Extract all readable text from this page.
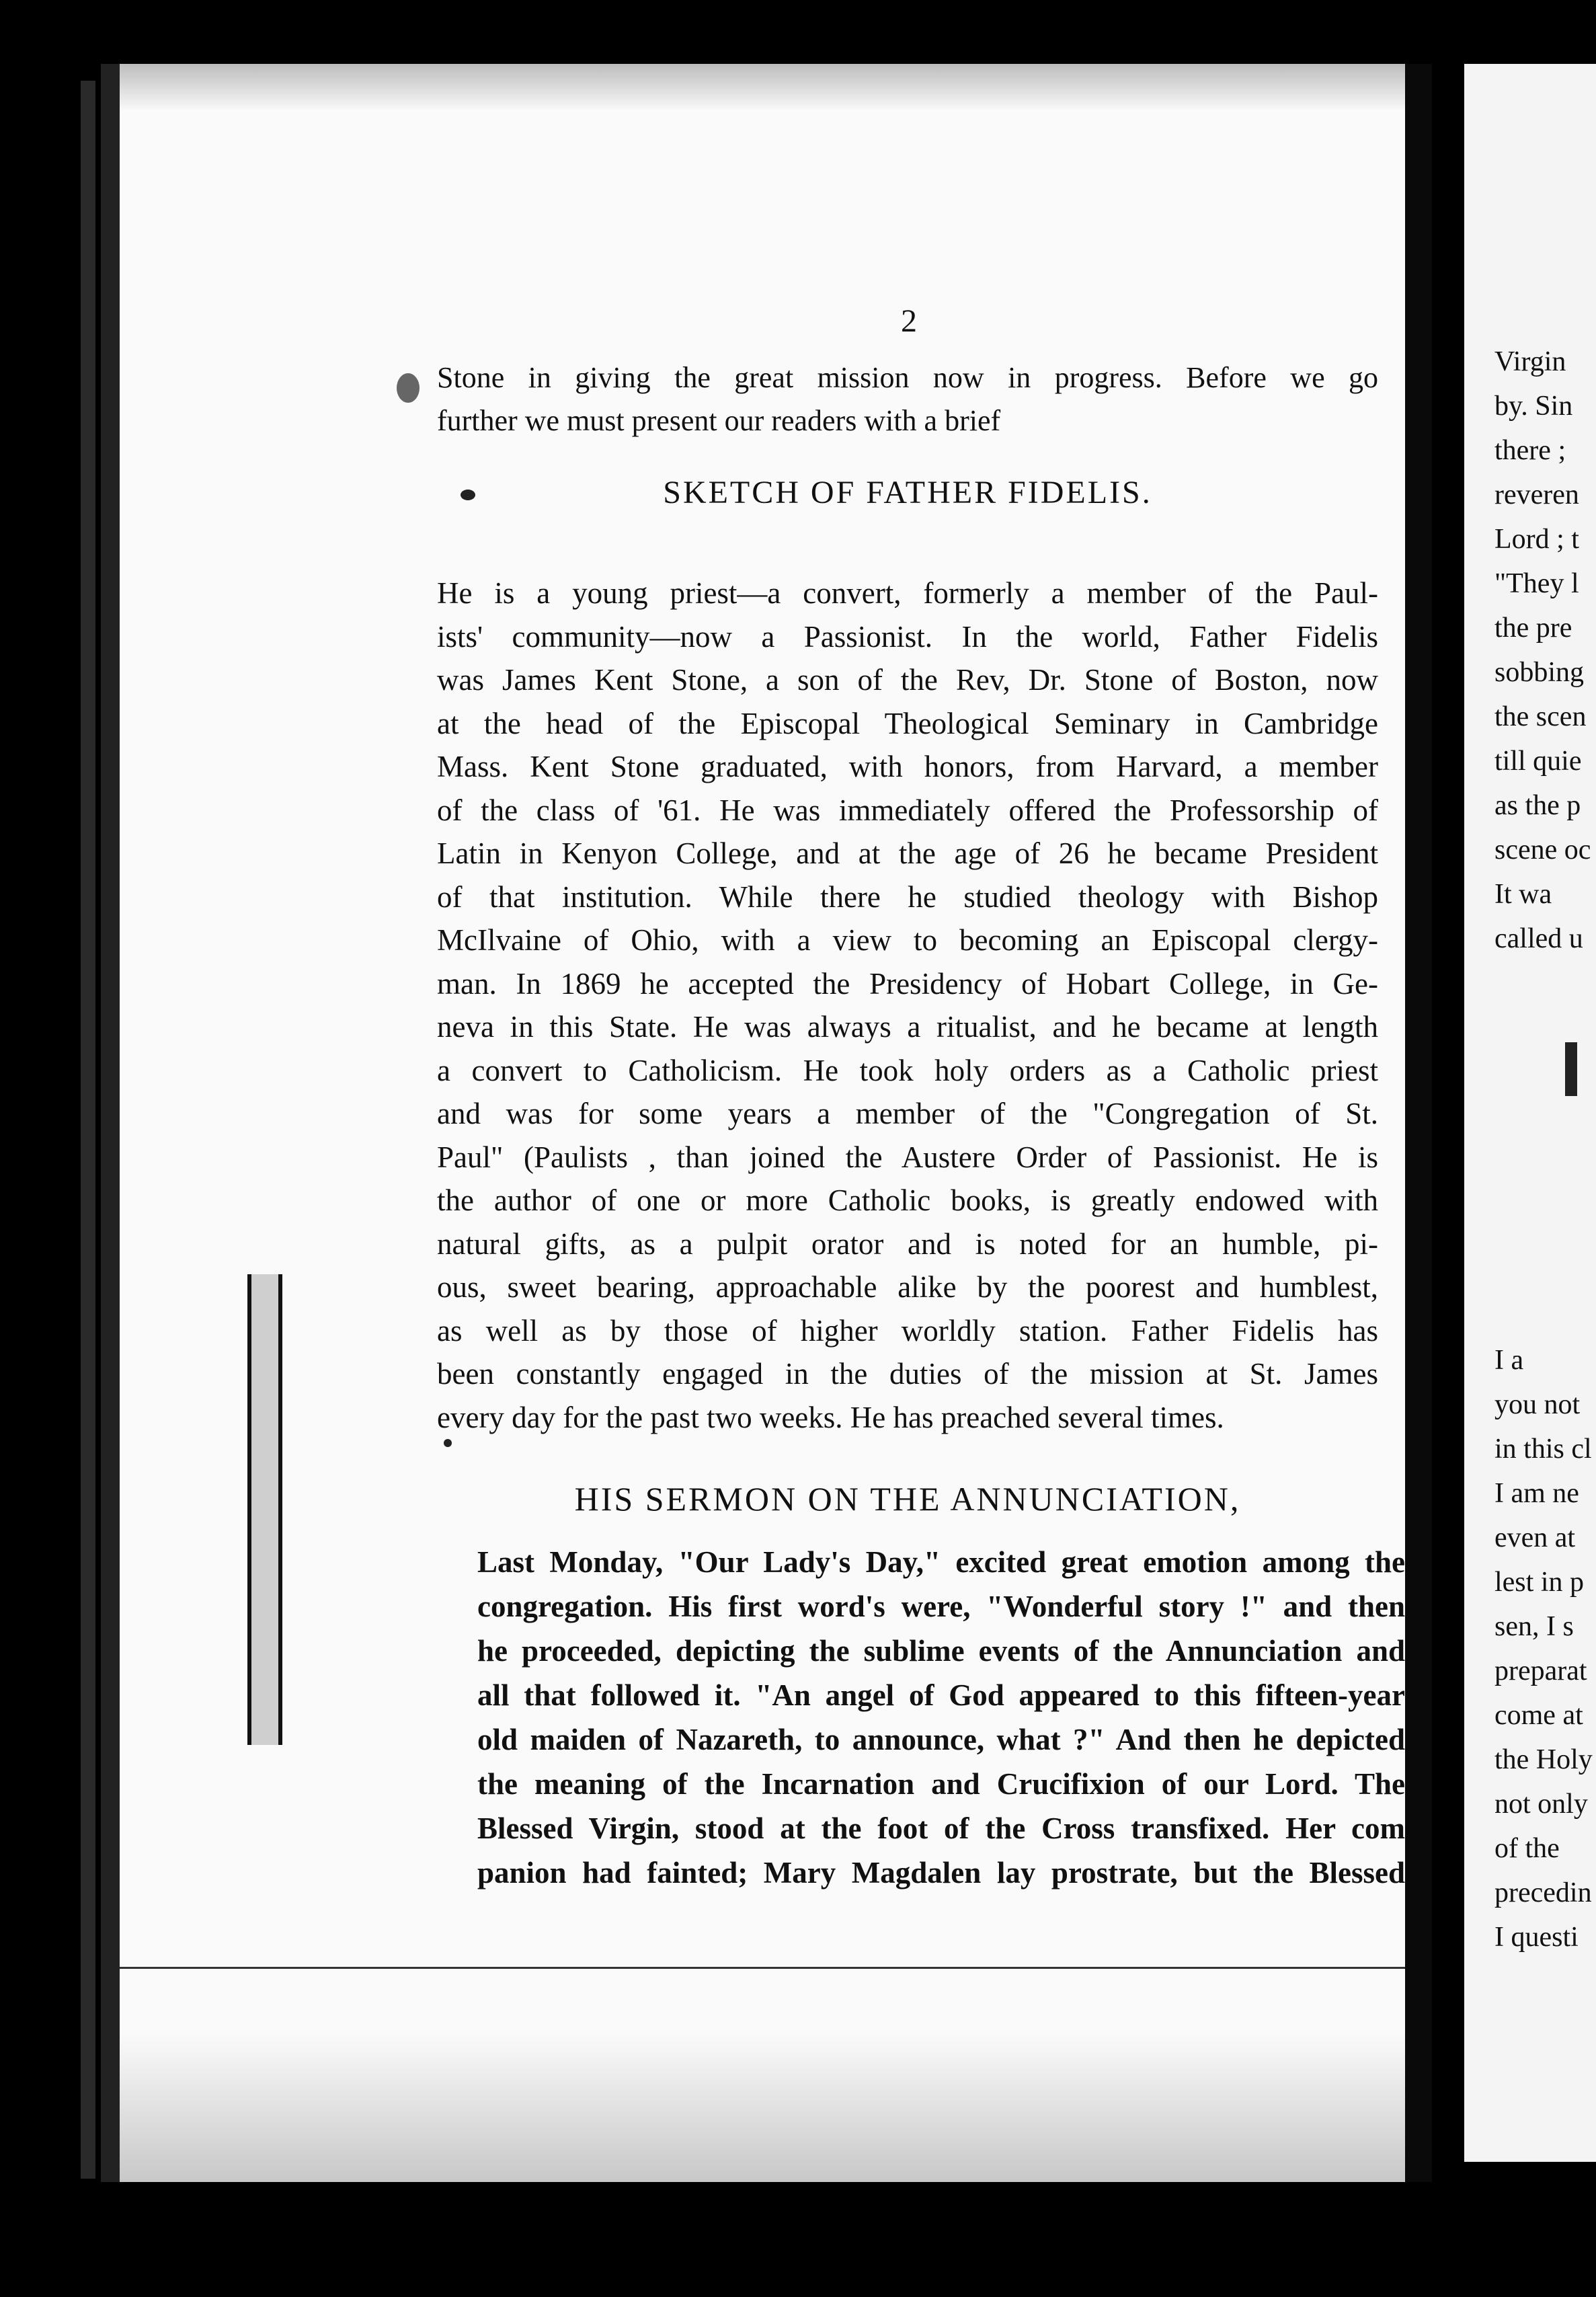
2
Stone in giving the great mission now in progress. Before we go
further we must present our readers with a brief
SKETCH OF FATHER FIDELIS.
He is a young priest—a convert, formerly a member of the Paul-
ists' community—now a Passionist. In the world, Father Fidelis
was James Kent Stone, a son of the Rev, Dr. Stone of Boston, now
at the head of the Episcopal Theological Seminary in Cambridge
Mass. Kent Stone graduated, with honors, from Harvard, a member
of the class of '61. He was immediately offered the Professorship of
Latin in Kenyon College, and at the age of 26 he became President
of that institution. While there he studied theology with Bishop
McIlvaine of Ohio, with a view to becoming an Episcopal clergy-
man. In 1869 he accepted the Presidency of Hobart College, in Ge-
neva in this State. He was always a ritualist, and he became at length
a convert to Catholicism. He took holy orders as a Catholic priest
and was for some years a member of the "Congregation of St.
Paul" (Paulists , than joined the Austere Order of Passionist. He is
the author of one or more Catholic books, is greatly endowed with
natural gifts, as a pulpit orator and is noted for an humble, pi-
ous, sweet bearing, approachable alike by the poorest and humblest,
as well as by those of higher worldly station. Father Fidelis has
been constantly engaged in the duties of the mission at St. James
every day for the past two weeks. He has preached several times.
HIS SERMON ON THE ANNUNCIATION,
Last Monday, "Our Lady's Day," excited great emotion among the
congregation. His first word's were, "Wonderful story !" and then
he proceeded, depicting the sublime events of the Annunciation and
all that followed it. "An angel of God appeared to this fifteen-year
old maiden of Nazareth, to announce, what ?" And then he depicted
the meaning of the Incarnation and Crucifixion of our Lord. The
Blessed Virgin, stood at the foot of the Cross transfixed. Her com
panion had fainted; Mary Magdalen lay prostrate, but the Blessed
Virgin
by. Sin
there ;
reveren
Lord ; t
"They l
the pre
sobbing
the scen
till quie
as the p
scene oc
It wa
called u
I a
you not
in this cl
I am ne
even at
lest in p
sen, I s
preparat
come at
the Holy
not only
of the
precedin
I questi
